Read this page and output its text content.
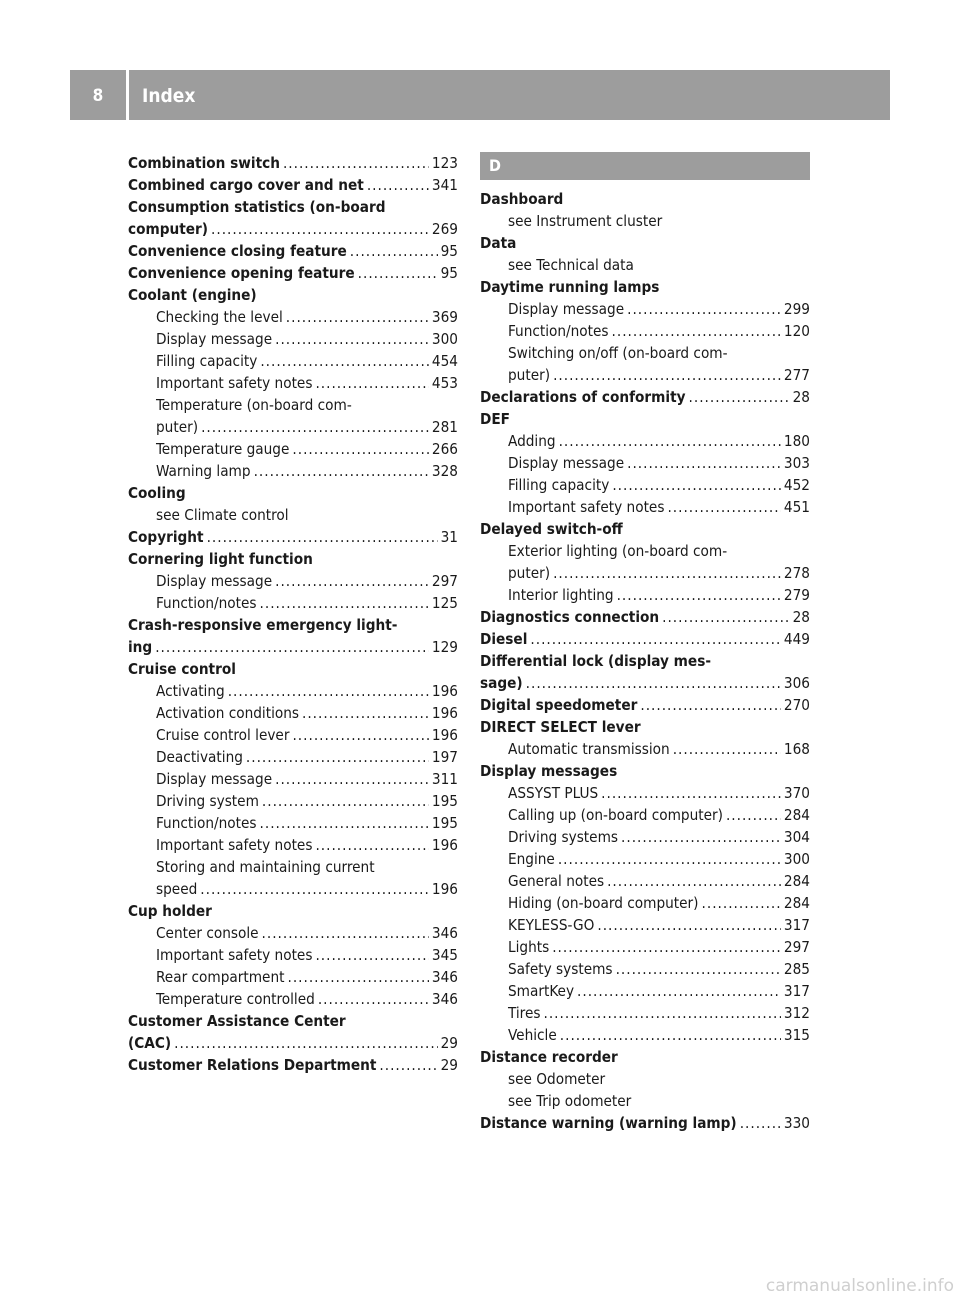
8	Index
Combination switch .....	123
Combined cargo cover and net .....	341
Consumption statistics (on-board
computer) .....	269
Convenience closing feature .....	95
Convenience opening feature .....	95
Coolant (engine)
Checking the level .....	369
Display message .....	300
Filling capacity .....	454
Important safety notes .....	453
Temperature (on-board com-
puter) .....	281
Temperature gauge .....	266
Warning lamp .....	328
Cooling
see Climate control
Copyright .....	31
Cornering light function
Display message .....	297
Function/notes .....	125
Crash-responsive emergency light-
ing .....	129
Cruise control
Activating .....	196
Activation conditions .....	196
Cruise control lever .....	196
Deactivating .....	197
Display message .....	311
Driving system .....	195
Function/notes .....	195
Important safety notes .....	196
Storing and maintaining current
speed .....	196
Cup holder
Center console .....	346
Important safety notes .....	345
Rear compartment .....	346
Temperature controlled .....	346
Customer Assistance Center
(CAC) .....	29
Customer Relations Department .....	29
D
Dashboard
see Instrument cluster
Data
see Technical data
Daytime running lamps
Display message .....	299
Function/notes .....	120
Switching on/off (on-board com-
puter) .....	277
Declarations of conformity .....	28
DEF
Adding .....	180
Display message .....	303
Filling capacity .....	452
Important safety notes .....	451
Delayed switch-off
Exterior lighting (on-board com-
puter) .....	278
Interior lighting .....	279
Diagnostics connection .....	28
Diesel .....	449
Differential lock (display mes-
sage) .....	306
Digital speedometer .....	270
DIRECT SELECT lever
Automatic transmission .....	168
Display messages
ASSYST PLUS .....	370
Calling up (on-board computer) .....	284
Driving systems .....	304
Engine .....	300
General notes .....	284
Hiding (on-board computer) .....	284
KEYLESS-GO .....	317
Lights .....	297
Safety systems .....	285
SmartKey .....	317
Tires .....	312
Vehicle .....	315
Distance recorder
see Odometer
see Trip odometer
Distance warning (warning lamp) .....	330
carmanualsonline.info
